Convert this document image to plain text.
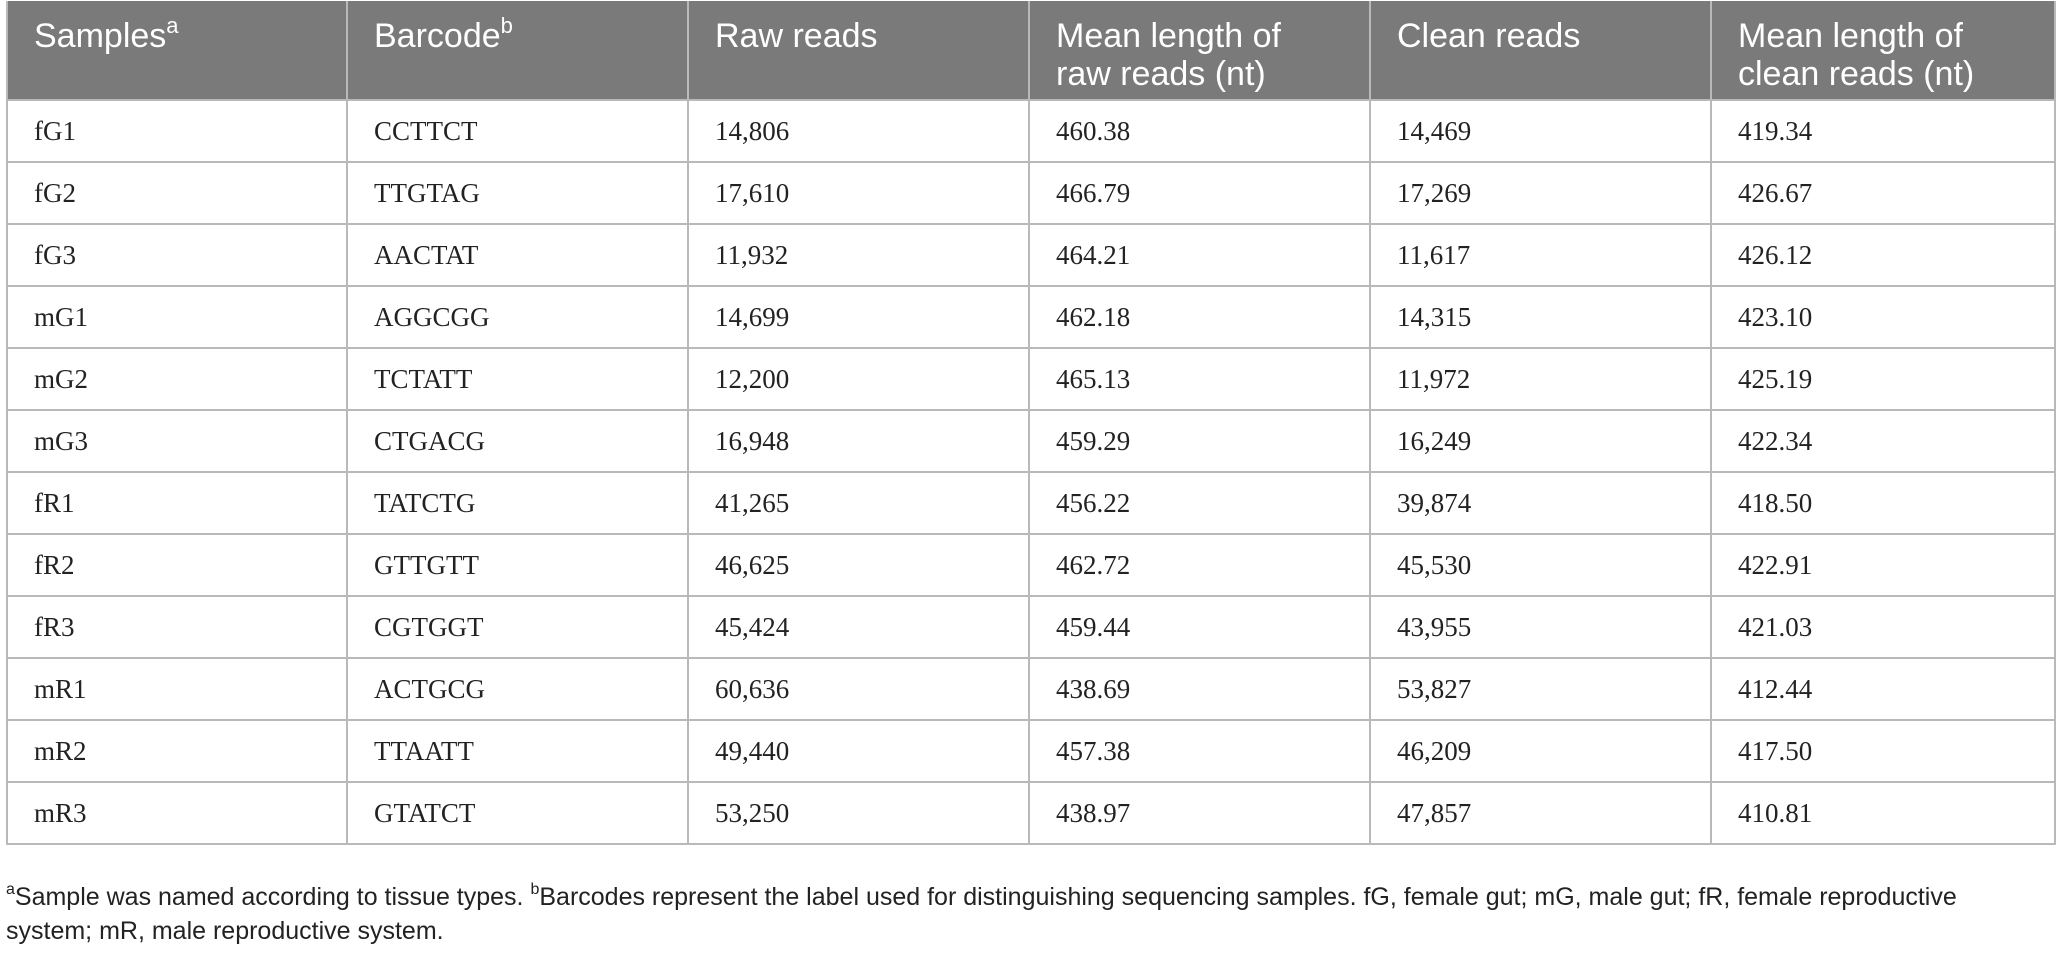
Samples$^a$	Barcode$^b$	Raw reads	Mean length of raw reads (nt)	Clean reads	Mean length of clean reads (nt)
fG1	CCTTCT	14,806	460.38	14,469	419.34
fG2	TTGTAG	17,610	466.79	17,269	426.67
fG3	AACTAT	11,932	464.21	11,617	426.12
mG1	AGGCGG	14,699	462.18	14,315	423.10
mG2	TCTATT	12,200	465.13	11,972	425.19
mG3	CTGACG	16,948	459.29	16,249	422.34
fR1	TATCTG	41,265	456.22	39,874	418.50
fR2	GTTGTT	46,625	462.72	45,530	422.91
fR3	CGTGGT	45,424	459.44	43,955	421.03
mR1	ACTGCG	60,636	438.69	53,827	412.44
mR2	TTAATT	49,440	457.38	46,209	417.50
mR3	GTATCT	53,250	438.97	47,857	410.81
$^a$Sample was named according to tissue types. $^b$Barcodes represent the label used for distinguishing sequencing samples. fG, female gut; mG, male gut; fR, female reproductive system; mR, male reproductive system.
